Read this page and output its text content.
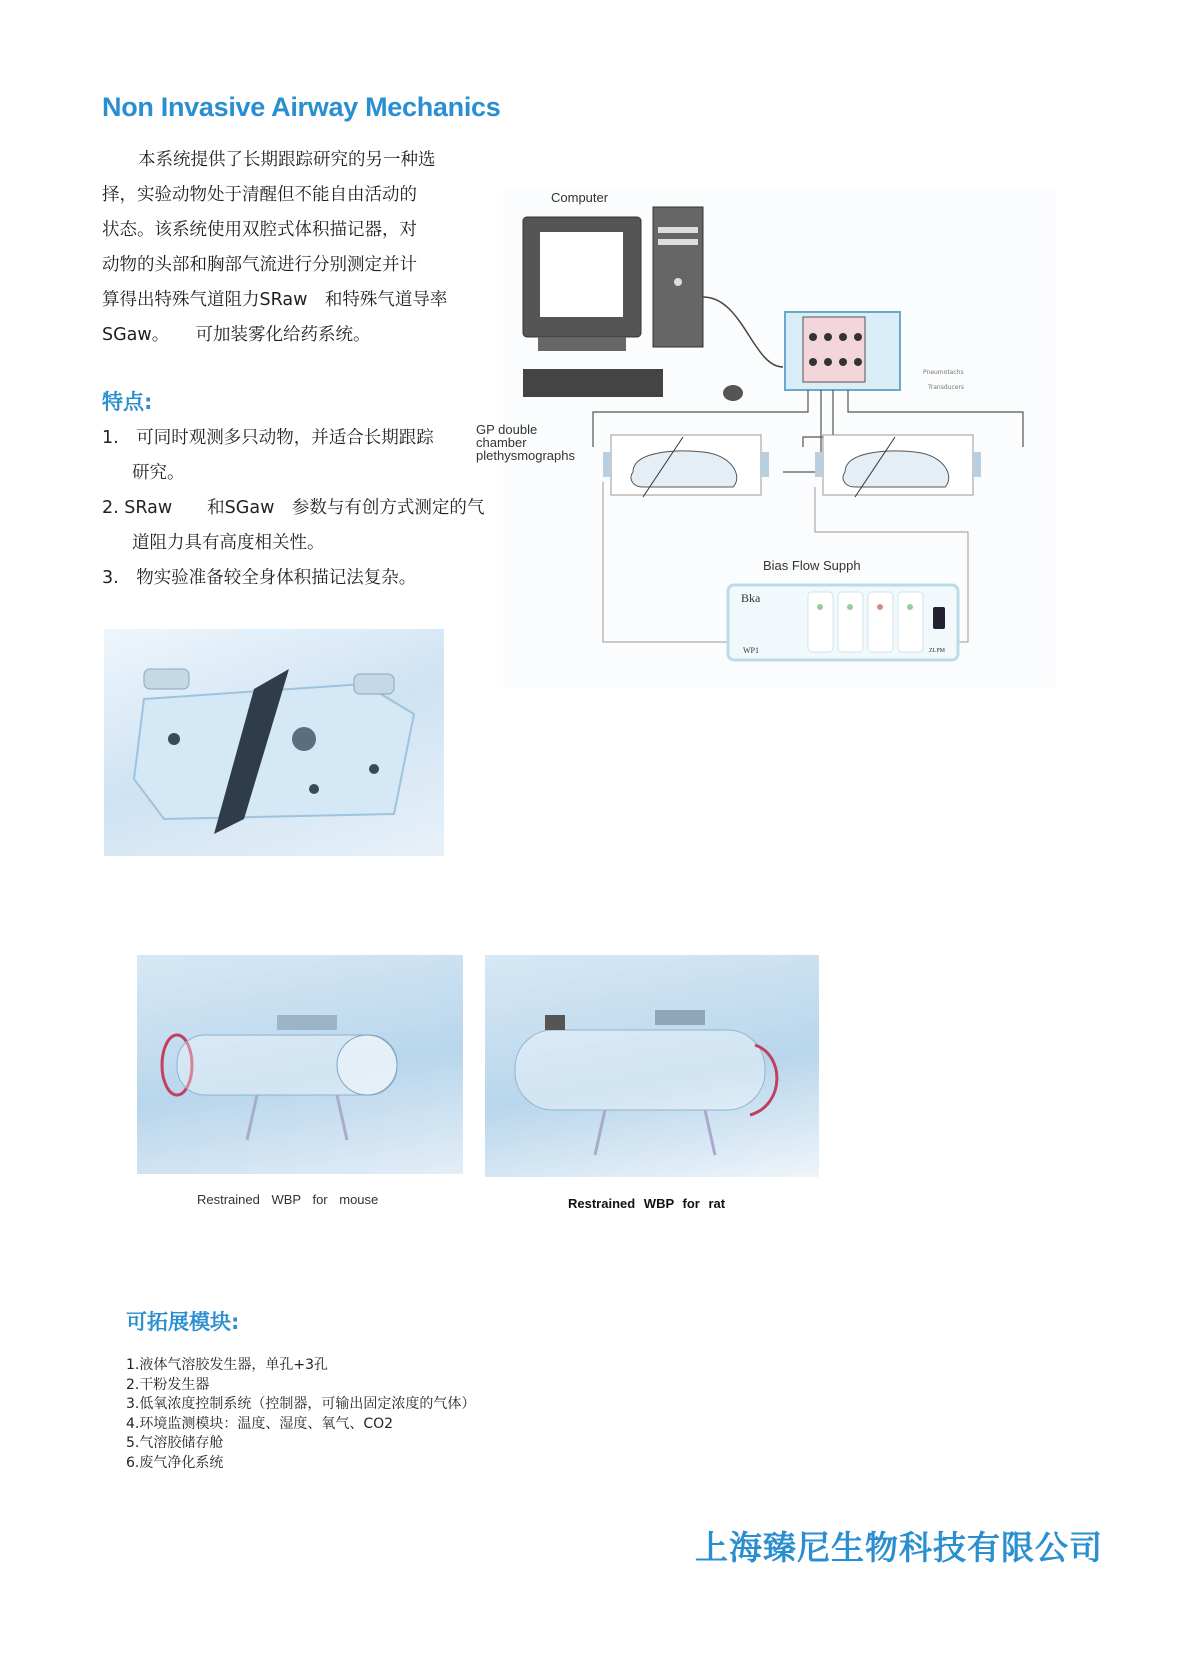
Non Invasive Airway Mechanics

本系统提供了长期跟踪研究的另一种选

择，实验动物处于清醒但不能自由活动的

状态。该系统使用双腔式体积描记器，对

动物的头部和胸部气流进行分别测定并计

算得出特殊气道阻力SRaw　和特殊气道导率

SGaw。　　可加装雾化给药系统。

特点:
1.　可同时观测多只动物，并适合长期跟踪
研究。
2. SRaw　　和SGaw　参数与有创方式测定的气
道阻力具有高度相关性。
3.　物实验准备较全身体积描记法复杂。
Computer
Pneumotachs
Transducers
GP double
chamber
plethysmographs
Bias Flow Supph
Bka
WP1	ZLPM
Restrained WBP for mouse	Restrained WBP for rat
可拓展模块:
1.液体气溶胶发生器，单孔+3孔
2.干粉发生器
3.低氧浓度控制系统（控制器，可输出固定浓度的气体）
4.环境监测模块：温度、湿度、氧气、CO2
5.气溶胶储存舱
6.废气净化系统
上海臻尼生物科技有限公司
